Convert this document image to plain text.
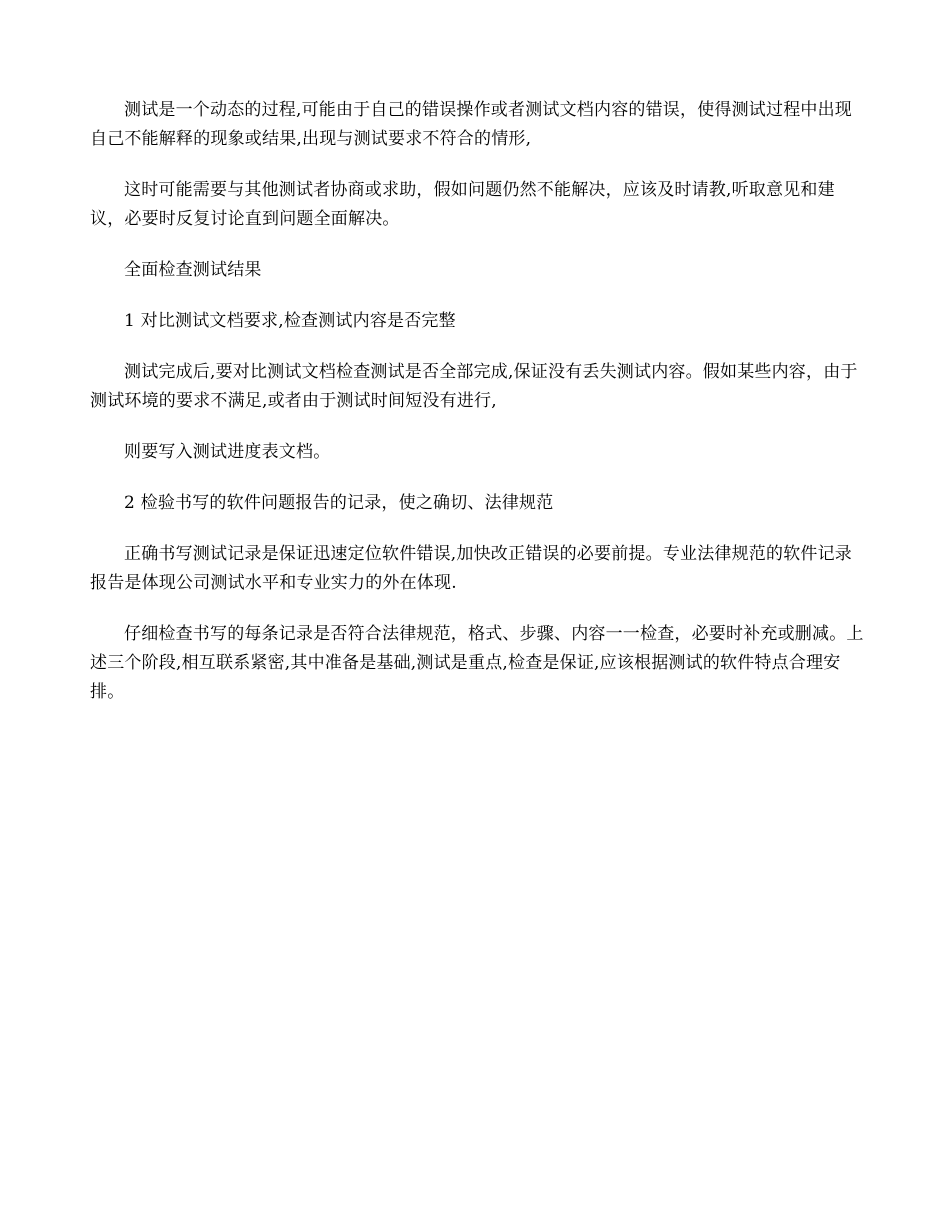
测试是一个动态的过程,可能由于自己的错误操作或者测试文档内容的错误，使得测试过程中出现自己不能解释的现象或结果,出现与测试要求不符合的情形,

这时可能需要与其他测试者协商或求助，假如问题仍然不能解决，应该及时请教,听取意见和建议，必要时反复讨论直到问题全面解决。

全面检查测试结果

1 对比测试文档要求,检查测试内容是否完整

测试完成后,要对比测试文档检查测试是否全部完成,保证没有丢失测试内容。假如某些内容，由于测试环境的要求不满足,或者由于测试时间短没有进行,

则要写入测试进度表文档。

2 检验书写的软件问题报告的记录，使之确切、法律规范

正确书写测试记录是保证迅速定位软件错误,加快改正错误的必要前提。专业法律规范的软件记录报告是体现公司测试水平和专业实力的外在体现.

仔细检查书写的每条记录是否符合法律规范，格式、步骤、内容一一检查，必要时补充或删减。上述三个阶段,相互联系紧密,其中准备是基础,测试是重点,检查是保证,应该根据测试的软件特点合理安排。
